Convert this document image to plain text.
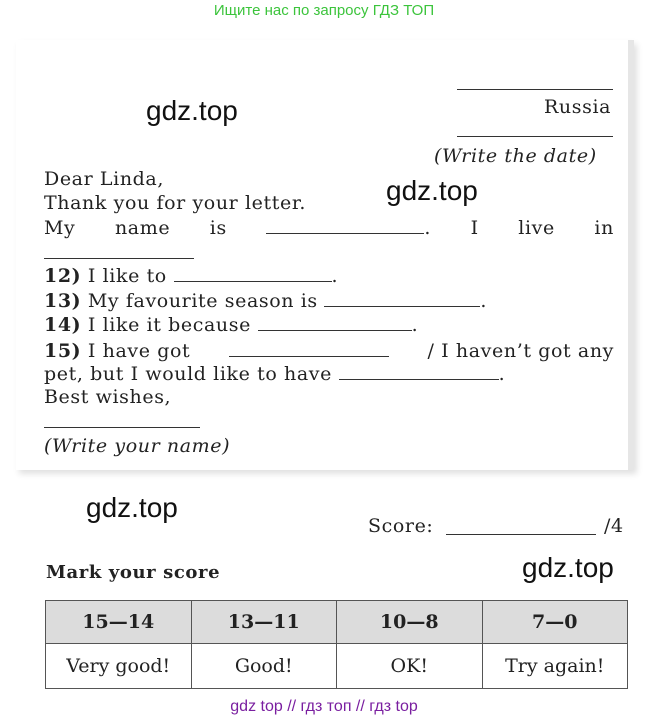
Ищите нас по запросу ГДЗ ТОП
Russia
(Write the date)
gdz.top
gdz.top
gdz.top
gdz.top
Dear Linda,
Thank you for your letter.
My name is	. I live in
12) I like to	.
13) My favourite season is	.
14) I like it because	.
15) I have got	/ I haven’t got any
pet, but I would like to have	.
Best wishes,
(Write your name)
Score:	/4
Mark your score
15—14	13—11	10—8	7—0
Very good!	Good!	OK!	Try again!
gdz top // гдз топ // гдз top
